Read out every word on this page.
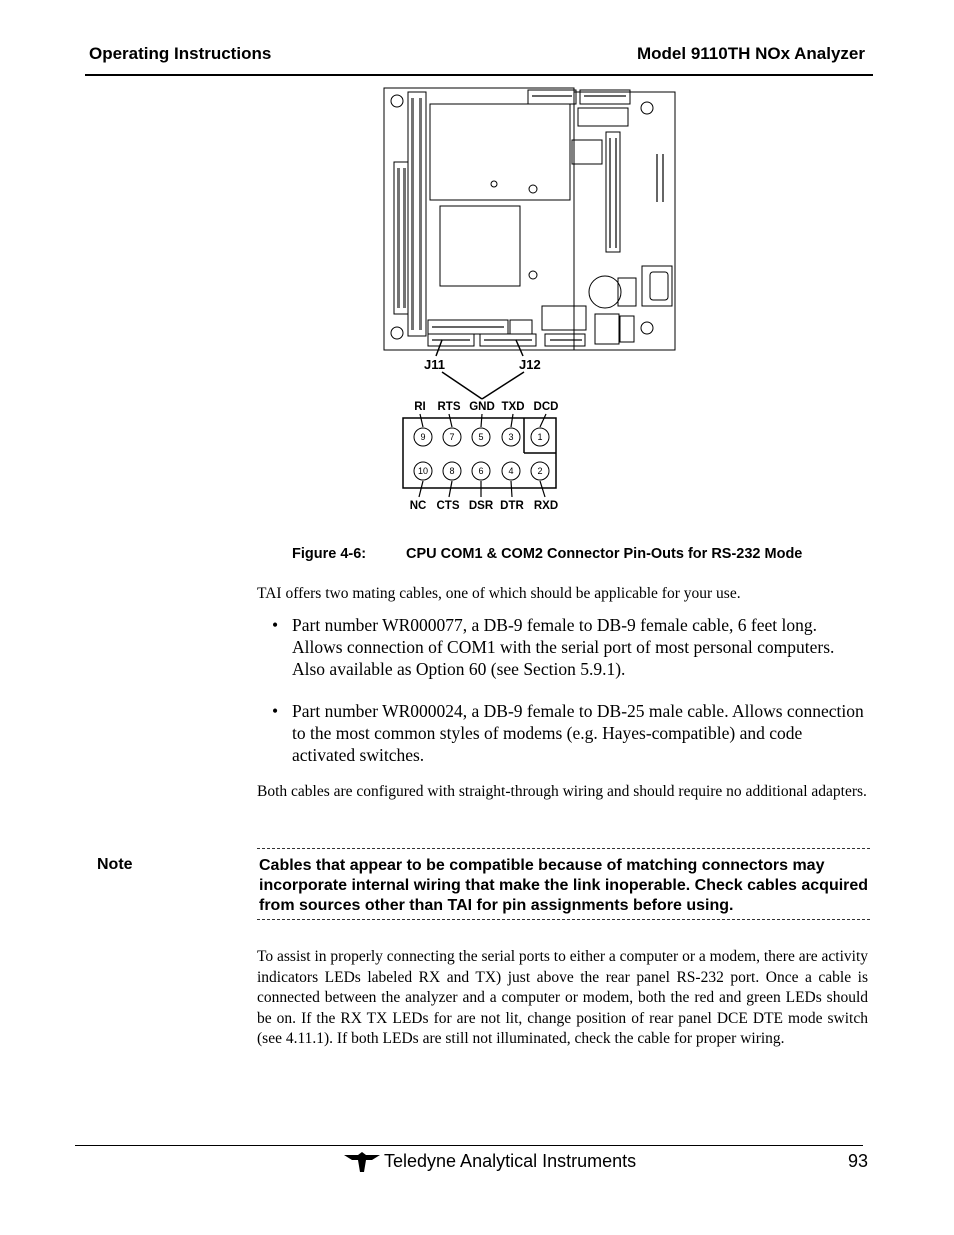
Operating Instructions	Model 9110TH NOx Analyzer
J11	J12
RI RTS GND TXD DCD
9	7	5	3	1
10 8	6	4	2
NC CTS DSR DTR RXD
Figure 4-6:	CPU COM1 & COM2 Connector Pin-Outs for RS-232 Mode
TAI offers two mating cables, one of which should be applicable for your use.
• Part number WR000077, a DB-9 female to DB-9 female cable, 6 feet long. Allows connection of COM1 with the serial port of most personal computers. Also available as Option 60 (see Section 5.9.1).
• Part number WR000024, a DB-9 female to DB-25 male cable. Allows connection to the most common styles of modems (e.g. Hayes-compatible) and code activated switches.
Both cables are configured with straight-through wiring and should require no additional adapters.
Note	Cables that appear to be compatible because of matching connectors may incorporate internal wiring that make the link inoperable. Check cables acquired from sources other than TAI for pin assignments before using.
To assist in properly connecting the serial ports to either a computer or a modem, there are activity indicators LEDs labeled RX and TX) just above the rear panel RS-232 port. Once a cable is connected between the analyzer and a computer or modem, both the red and green LEDs should be on. If the RX TX LEDs for are not lit, change position of rear panel DCE DTE mode switch (see 4.11.1). If both LEDs are still not illuminated, check the cable for proper wiring.
Teledyne Analytical Instruments	93
